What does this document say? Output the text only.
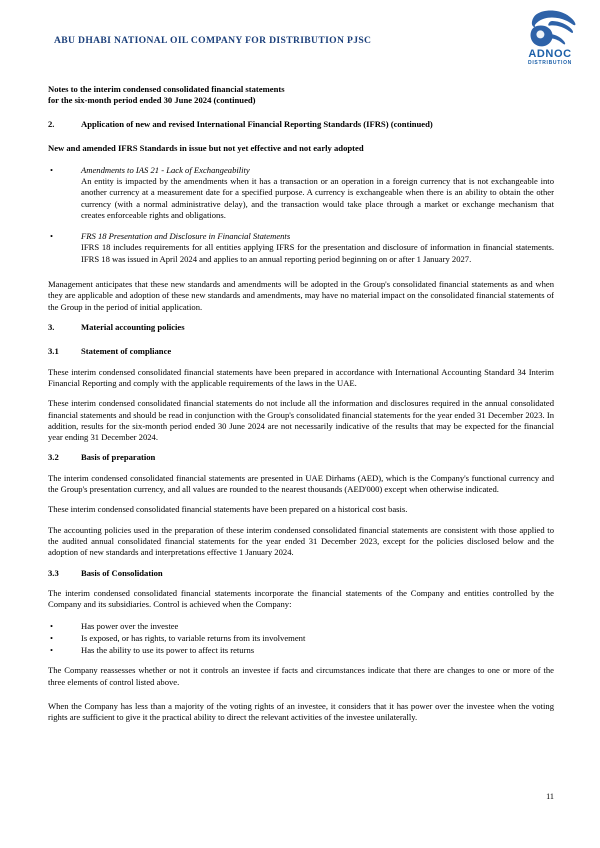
ABU DHABI NATIONAL OIL COMPANY FOR DISTRIBUTION PJSC
ADNOC
DISTRIBUTION
Notes to the interim condensed consolidated financial statements
for the six-month period ended 30 June 2024 (continued)
2.	Application of new and revised International Financial Reporting Standards (IFRS) (continued)
New and amended IFRS Standards in issue but not yet effective and not early adopted
•	Amendments to IAS 21 - Lack of Exchangeability
An entity is impacted by the amendments when it has a transaction or an operation in a foreign currency that is not exchangeable into another currency at a measurement date for a specified purpose. A currency is exchangeable when there is an ability to obtain the other currency (with a normal administrative delay), and the transaction would take place through a market or exchange mechanism that creates enforceable rights and obligations.
•	FRS 18 Presentation and Disclosure in Financial Statements
IFRS 18 includes requirements for all entities applying IFRS for the presentation and disclosure of information in financial statements. IFRS 18 was issued in April 2024 and applies to an annual reporting period beginning on or after 1 January 2027.

Management anticipates that these new standards and amendments will be adopted in the Group's consolidated financial statements as and when they are applicable and adoption of these new standards and amendments, may have no material impact on the consolidated financial statements of the Group in the period of initial application.

3.	Material accounting policies
3.1	Statement of compliance

These interim condensed consolidated financial statements have been prepared in accordance with International Accounting Standard 34 Interim Financial Reporting and comply with the applicable requirements of the laws in the UAE.

These interim condensed consolidated financial statements do not include all the information and disclosures required in the annual consolidated financial statements and should be read in conjunction with the Group's consolidated financial statements for the year ended 31 December 2023. In addition, results for the six-month period ended 30 June 2024 are not necessarily indicative of the results that may be expected for the financial year ending 31 December 2024.

3.2	Basis of preparation

The interim condensed consolidated financial statements are presented in UAE Dirhams (AED), which is the Company's functional currency and the Group's presentation currency, and all values are rounded to the nearest thousands (AED'000) except when otherwise indicated.

These interim condensed consolidated financial statements have been prepared on a historical cost basis.

The accounting policies used in the preparation of these interim condensed consolidated financial statements are consistent with those applied to the audited annual consolidated financial statements for the year ended 31 December 2023, except for the policies disclosed below and the adoption of new standards and interpretations effective 1 January 2024.

3.3	Basis of Consolidation

The interim condensed consolidated financial statements incorporate the financial statements of the Company and entities controlled by the Company and its subsidiaries. Control is achieved when the Company:

•	Has power over the investee
•	Is exposed, or has rights, to variable returns from its involvement
•	Has the ability to use its power to affect its returns

The Company reassesses whether or not it controls an investee if facts and circumstances indicate that there are changes to one or more of the three elements of control listed above.

When the Company has less than a majority of the voting rights of an investee, it considers that it has power over the investee when the voting rights are sufficient to give it the practical ability to direct the relevant activities of the investee unilaterally.

11
